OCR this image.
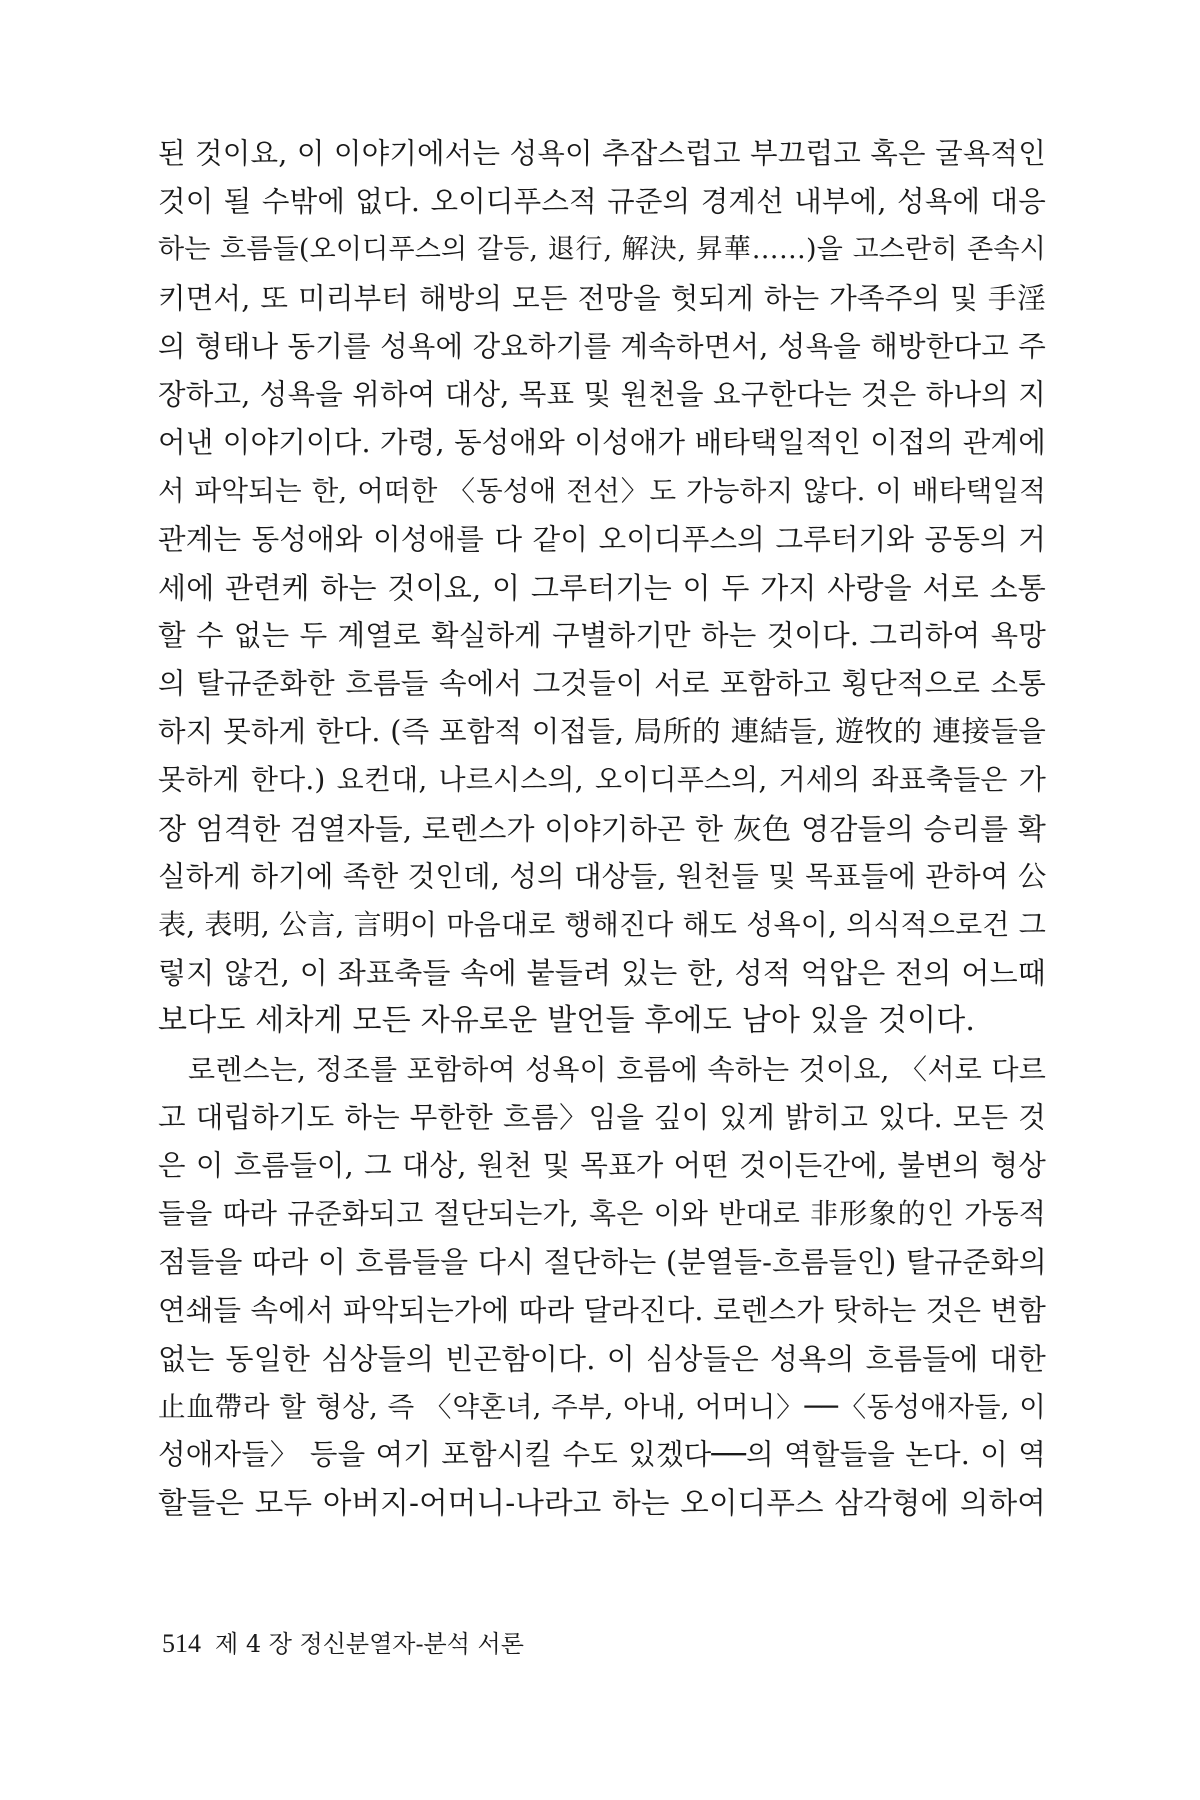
된 것이요, 이 이야기에서는 성욕이 추잡스럽고 부끄럽고 혹은 굴욕적인
것이 될 수밖에 없다. 오이디푸스적 규준의 경계선 내부에, 성욕에 대응
하는 흐름들(오이디푸스의 갈등, 退行, 解決, 昇華……)을 고스란히 존속시
키면서, 또 미리부터 해방의 모든 전망을 헛되게 하는 가족주의 및 手淫
의 형태나 동기를 성욕에 강요하기를 계속하면서, 성욕을 해방한다고 주
장하고, 성욕을 위하여 대상, 목표 및 원천을 요구한다는 것은 하나의 지
어낸 이야기이다. 가령, 동성애와 이성애가 배타택일적인 이접의 관계에
서 파악되는 한, 어떠한 〈동성애 전선〉도 가능하지 않다. 이 배타택일적
관계는 동성애와 이성애를 다 같이 오이디푸스의 그루터기와 공동의 거
세에 관련케 하는 것이요, 이 그루터기는 이 두 가지 사랑을 서로 소통
할 수 없는 두 계열로 확실하게 구별하기만 하는 것이다. 그리하여 욕망
의 탈규준화한 흐름들 속에서 그것들이 서로 포함하고 횡단적으로 소통
하지 못하게 한다. (즉 포함적 이접들, 局所的 連結들, 遊牧的 連接들을
못하게 한다.) 요컨대, 나르시스의, 오이디푸스의, 거세의 좌표축들은 가
장 엄격한 검열자들, 로렌스가 이야기하곤 한 灰色 영감들의 승리를 확
실하게 하기에 족한 것인데, 성의 대상들, 원천들 및 목표들에 관하여 公
表, 表明, 公言, 言明이 마음대로 행해진다 해도 성욕이, 의식적으로건 그
렇지 않건, 이 좌표축들 속에 붙들려 있는 한, 성적 억압은 전의 어느때
보다도 세차게 모든 자유로운 발언들 후에도 남아 있을 것이다.
로렌스는, 정조를 포함하여 성욕이 흐름에 속하는 것이요, 〈서로 다르
고 대립하기도 하는 무한한 흐름〉임을 깊이 있게 밝히고 있다. 모든 것
은 이 흐름들이, 그 대상, 원천 및 목표가 어떤 것이든간에, 불변의 형상
들을 따라 규준화되고 절단되는가, 혹은 이와 반대로 非形象的인 가동적
점들을 따라 이 흐름들을 다시 절단하는 (분열들-흐름들인) 탈규준화의
연쇄들 속에서 파악되는가에 따라 달라진다. 로렌스가 탓하는 것은 변함
없는 동일한 심상들의 빈곤함이다. 이 심상들은 성욕의 흐름들에 대한
止血帶라 할 형상, 즉 〈약혼녀, 주부, 아내, 어머니〉──〈동성애자들, 이
성애자들〉 등을 여기 포함시킬 수도 있겠다──의 역할들을 논다. 이 역
할들은 모두 아버지-어머니-나라고 하는 오이디푸스 삼각형에 의하여
514 제 4 장 정신분열자-분석 서론
